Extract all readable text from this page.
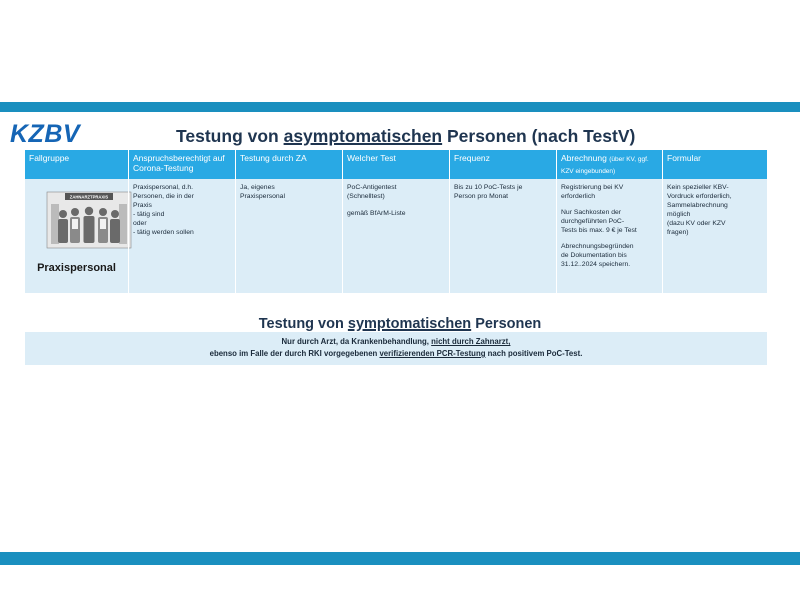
KZBV	Testung von asymptomatischen Personen (nach TestV)
Fallgruppe
ZAHNARZTPRAXIS
Praxispersonal
Anspruchsberechtigt auf Corona-Testung
Praxispersonal, d.h.
Personen, die in der
Praxis
- tätig sind
oder
- tätig werden sollen
Testung durch ZA
Ja, eigenes
Praxispersonal
Welcher Test
PoC-Antigentest
(Schnelltest)
gemäß BfArM-Liste
Frequenz
Bis zu 10 PoC-Tests je
Person pro Monat
Abrechnung (über KV, ggf. KZV eingebunden)
Registrierung bei KV
erforderlich
Nur Sachkosten der
durchgeführten PoC-
Tests bis max. 9 € je Test
Abrechnungsbegründen
de Dokumentation bis
31.12..2024 speichern.
Formular
Kein spezieller KBV-
Vordruck erforderlich,
Sammelabrechnung
möglich
(dazu KV oder KZV
fragen)
Testung von symptomatischen Personen
Nur durch Arzt, da Krankenbehandlung, nicht durch Zahnarzt,
ebenso im Falle der durch RKI vorgegebenen verifizierenden PCR-Testung nach positivem PoC-Test.
